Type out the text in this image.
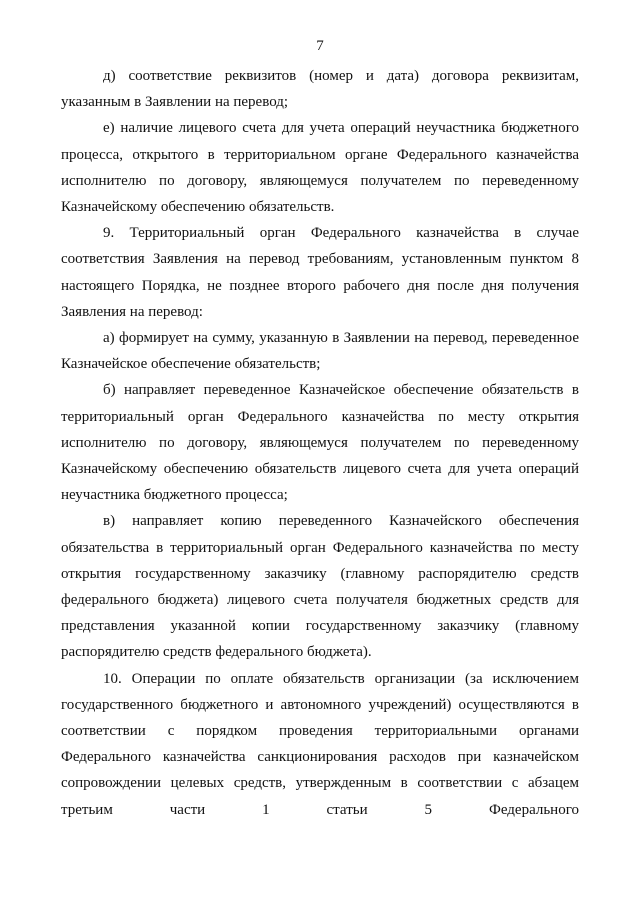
7

д) соответствие реквизитов (номер и дата) договора реквизитам, указанным в Заявлении на перевод;

е) наличие лицевого счета для учета операций неучастника бюджетного процесса, открытого в территориальном органе Федерального казначейства исполнителю по договору, являющемуся получателем по переведенному Казначейскому обеспечению обязательств.

9. Территориальный орган Федерального казначейства в случае соответствия Заявления на перевод требованиям, установленным пунктом 8 настоящего Порядка, не позднее второго рабочего дня после дня получения Заявления на перевод:

а) формирует на сумму, указанную в Заявлении на перевод, переведенное Казначейское обеспечение обязательств;

б) направляет переведенное Казначейское обеспечение обязательств в территориальный орган Федерального казначейства по месту открытия исполнителю по договору, являющемуся получателем по переведенному Казначейскому обеспечению обязательств лицевого счета для учета операций неучастника бюджетного процесса;

в) направляет копию переведенного Казначейского обеспечения обязательства в территориальный орган Федерального казначейства по месту открытия государственному заказчику (главному распорядителю средств федерального бюджета) лицевого счета получателя бюджетных средств для представления указанной копии государственному заказчику (главному распорядителю средств федерального бюджета).

10. Операции по оплате обязательств организации (за исключением государственного бюджетного и автономного учреждений) осуществляются в соответствии с порядком проведения территориальными органами Федерального казначейства санкционирования расходов при казначейском сопровождении целевых средств, утвержденным в соответствии с абзацем третьим части 1 статьи 5 Федерального
